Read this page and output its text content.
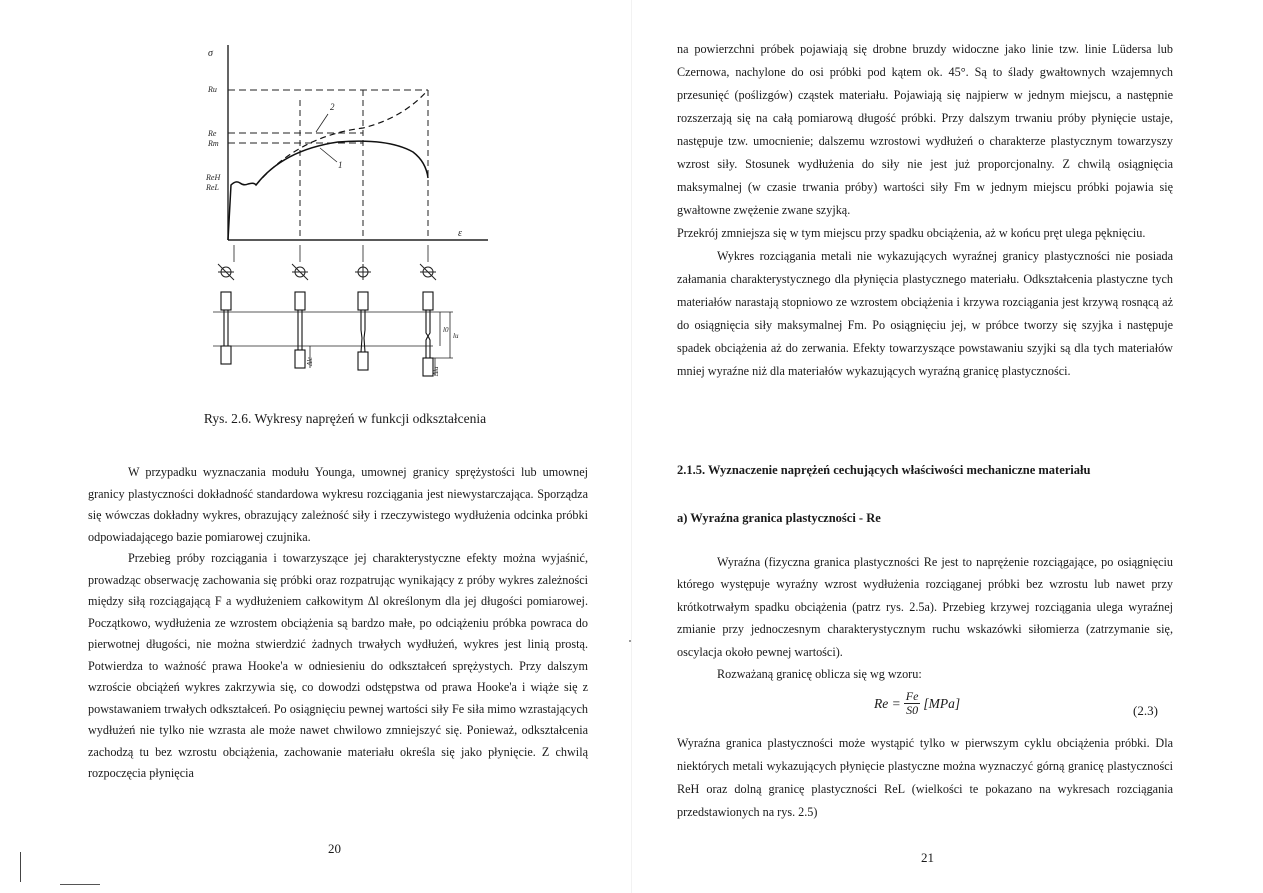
σ
ε
Ru
Re
Rm
ReH
ReL
2
1
l0
lu
Δlc
Δlu
Rys. 2.6. Wykresy naprężeń w funkcji odkształcenia

W przypadku wyznaczania modułu Younga, umownej granicy sprężystości lub umownej granicy plastyczności dokładność standardowa wykresu rozciągania jest niewystarczająca. Sporządza się wówczas dokładny wykres, obrazujący zależność siły i rzeczywistego wydłużenia odcinka próbki odpowiadającego bazie pomiarowej czujnika.

Przebieg próby rozciągania i towarzyszące jej charakterystyczne efekty można wyjaśnić, prowadząc obserwację zachowania się próbki oraz rozpatrując wynikający z próby wykres zależności między siłą rozciągającą F a wydłużeniem całkowitym Δl określonym dla jej długości pomiarowej. Początkowo, wydłużenia ze wzrostem obciążenia są bardzo małe, po odciążeniu próbka powraca do pierwotnej długości, nie można stwierdzić żadnych trwałych wydłużeń, wykres jest linią prostą. Potwierdza to ważność prawa Hooke'a w odniesieniu do odkształceń sprężystych. Przy dalszym wzroście obciążeń wykres zakrzywia się, co dowodzi odstępstwa od prawa Hooke'a i wiąże się z powstawaniem trwałych odkształceń. Po osiągnięciu pewnej wartości siły Fe siła mimo wzrastających wydłużeń nie tylko nie wzrasta ale może nawet chwilowo zmniejszyć się. Ponieważ, odkształcenia zachodzą tu bez wzrostu obciążenia, zachowanie materiału określa się jako płynięcie. Z chwilą rozpoczęcia płynięcia

20

na powierzchni próbek pojawiają się drobne bruzdy widoczne jako linie tzw. linie Lüdersa lub Czernowa, nachylone do osi próbki pod kątem ok. 45°. Są to ślady gwałtownych wzajemnych przesunięć (poślizgów) cząstek materiału. Pojawiają się najpierw w jednym miejscu, a następnie rozszerzają się na całą pomiarową długość próbki. Przy dalszym trwaniu próby płynięcie ustaje, następuje tzw. umocnienie; dalszemu wzrostowi wydłużeń o charakterze plastycznym towarzyszy wzrost siły. Stosunek wydłużenia do siły nie jest już proporcjonalny. Z chwilą osiągnięcia maksymalnej (w czasie trwania próby) wartości siły Fm w jednym miejscu próbki pojawia się gwałtowne zwężenie zwane szyjką.

Przekrój zmniejsza się w tym miejscu przy spadku obciążenia, aż w końcu pręt ulega pęknięciu.

Wykres rozciągania metali nie wykazujących wyraźnej granicy plastyczności nie posiada załamania charakterystycznego dla płynięcia plastycznego materiału. Odkształcenia plastyczne tych materiałów narastają stopniowo ze wzrostem obciążenia i krzywa rozciągania jest krzywą rosnącą aż do osiągnięcia siły maksymalnej Fm. Po osiągnięciu jej, w próbce tworzy się szyjka i następuje spadek obciążenia aż do zerwania. Efekty towarzyszące powstawaniu szyjki są dla tych materiałów mniej wyraźne niż dla materiałów wykazujących wyraźną granicę plastyczności.

2.1.5. Wyznaczenie naprężeń cechujących właściwości mechaniczne materiału
a) Wyraźna granica plastyczności - Re

Wyraźna (fizyczna granica plastyczności Re jest to naprężenie rozciągające, po osiągnięciu którego występuje wyraźny wzrost wydłużenia rozciąganej próbki bez wzrostu lub nawet przy krótkotrwałym spadku obciążenia (patrz rys. 2.5a). Przebieg krzywej rozciągania ulega wyraźnej zmianie przy jednoczesnym charakterystycznym ruchu wskazówki siłomierza (zatrzymanie się, oscylacja około pewnej wartości).

Rozważaną granicę oblicza się wg wzoru:

$Re = \frac{Fe}{S0} [MPa]$	(2.3)

Wyraźna granica plastyczności może wystąpić tylko w pierwszym cyklu obciążenia próbki. Dla niektórych metali wykazujących płynięcie plastyczne można wyznaczyć górną granicę plastyczności ReH oraz dolną granicę plastyczności ReL (wielkości te pokazano na wykresach rozciągania przedstawionych na rys. 2.5)

21
